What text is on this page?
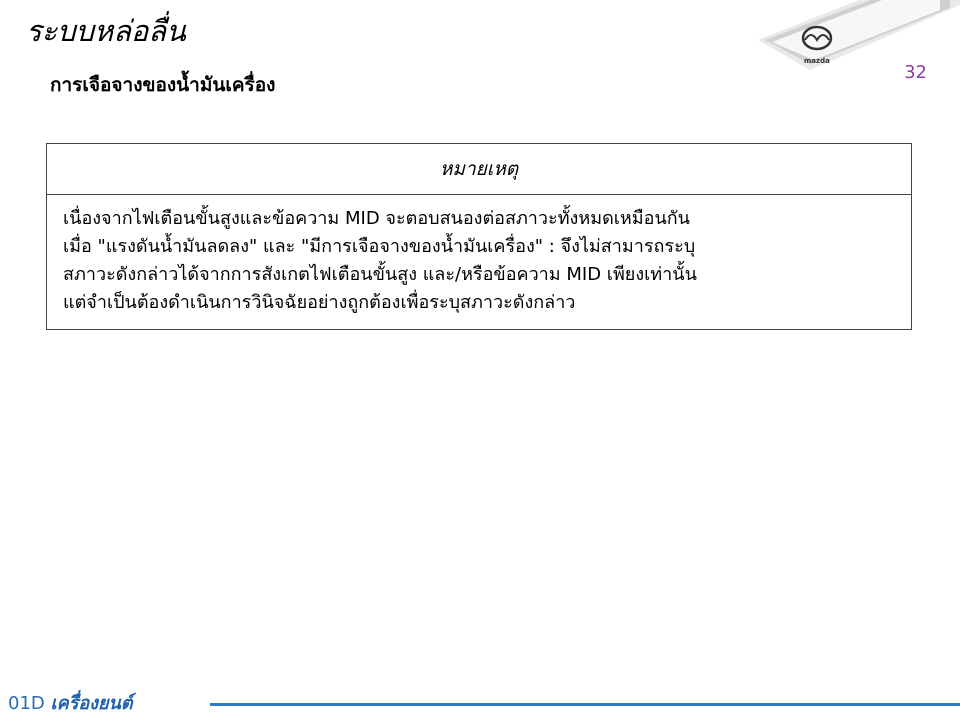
ระบบหล่อลื่น
mazda
32
การเจือจางของน้ำมันเครื่อง
หมายเหตุ
เนื่องจากไฟเตือนขั้นสูงและข้อความ MID จะตอบสนองต่อสภาวะทั้งหมดเหมือนกัน
เมื่อ "แรงดันน้ำมันลดลง" และ "มีการเจือจางของน้ำมันเครื่อง" : จึงไม่สามารถระบุ
สภาวะดังกล่าวได้จากการสังเกตไฟเตือนขั้นสูง และ/หรือข้อความ MID เพียงเท่านั้น
แต่จำเป็นต้องดำเนินการวินิจฉัยอย่างถูกต้องเพื่อระบุสภาวะดังกล่าว
01D เครื่องยนต์
